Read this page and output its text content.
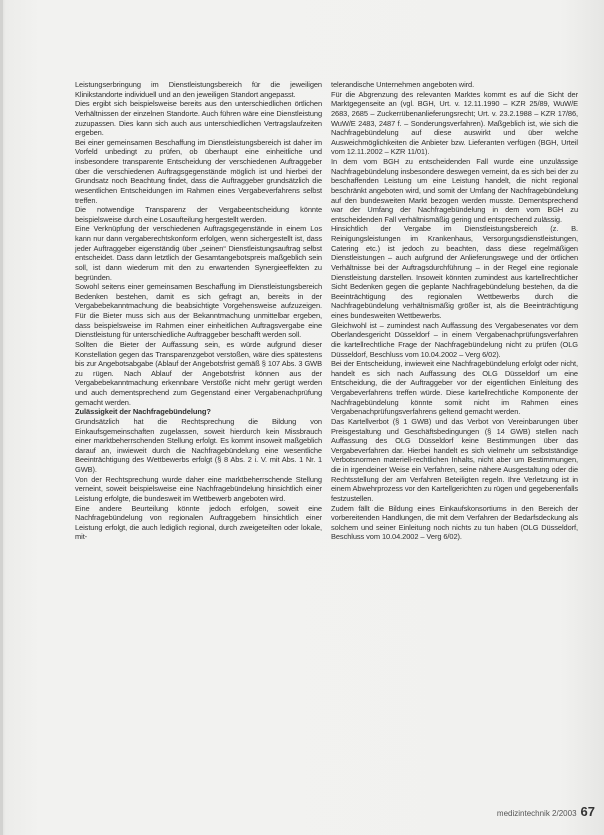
Leistungserbringung im Dienstleistungsbereich für die jeweiligen Klinikstandorte individuell und an den jeweiligen Standort angepasst.

Dies ergibt sich beispielsweise bereits aus den unterschiedlichen örtlichen Verhältnissen der einzelnen Standorte. Auch führen wäre eine Dienstleistung zuzupassen. Dies kann sich auch aus unterschiedlichen Vertragslaufzeiten ergeben.

Bei einer gemeinsamen Beschaffung im Dienstleistungsbereich ist daher im Vorfeld unbedingt zu prüfen, ob überhaupt eine einheitliche und insbesondere transparente Entscheidung der verschiedenen Auftraggeber über die verschiedenen Auftragsgegenstände möglich ist und hierbei der Grundsatz noch Beachtung findet, dass die Auftraggeber grundsätzlich die wesentlichen Entscheidungen im Rahmen eines Vergabeverfahrens selbst treffen.

Die notwendige Transparenz der Vergabeentscheidung könnte beispielsweise durch eine Losaufteilung hergestellt werden.

Eine Verknüpfung der verschiedenen Auftragsgegenstände in einem Los kann nur dann vergaberechtskonform erfolgen, wenn sichergestellt ist, dass jeder Auftraggeber eigenständig über „seinen“ Dienstleistungsauftrag selbst entscheidet. Dass dann letztlich der Gesamtangebotspreis maßgeblich sein soll, ist dann wiederum mit den zu erwartenden Synergieeffekten zu begründen.

Sowohl seitens einer gemeinsamen Beschaffung im Dienstleistungsbereich Bedenken bestehen, damit es sich gefragt an, bereits in der Vergabebekanntmachung die beabsichtigte Vorgehensweise aufzuzeigen. Für die Bieter muss sich aus der Bekanntmachung unmittelbar ergeben, dass beispielsweise im Rahmen einer einheitlichen Auftragsvergabe eine Dienstleistung für unterschiedliche Auftraggeber beschafft werden soll.

Sollten die Bieter der Auffassung sein, es würde aufgrund dieser Konstellation gegen das Transparenzgebot verstoßen, wäre dies spätestens bis zur Angebotsabgabe (Ablauf der Angebotsfrist gemäß § 107 Abs. 3 GWB zu rügen. Nach Ablauf der Angebotsfrist können aus der Vergabebekanntmachung erkennbare Verstöße nicht mehr gerügt werden und auch dementsprechend zum Gegenstand einer Vergabenachprüfung gemacht werden.

Zulässigkeit der Nachfragebündelung?

Grundsätzlich hat die Rechtsprechung die Bildung von Einkaufsgemeinschaften zugelassen, soweit hierdurch kein Missbrauch einer marktbeherrschenden Stellung erfolgt. Es kommt insoweit maßgeblich darauf an, inwieweit durch die Nachfragebündelung eine wesentliche Beeinträchtigung des Wettbewerbs erfolgt (§ 8 Abs. 2 i. V. mit Abs. 1 Nr. 1 GWB).

Von der Rechtsprechung wurde daher eine marktbeherrschende Stellung verneint, soweit beispielsweise eine Nachfragebündelung hinsichtlich einer Leistung erfolgte, die bundesweit im Wettbewerb angeboten wird.

Eine andere Beurteilung könnte jedoch erfolgen, soweit eine Nachfragebündelung von regionalen Auftraggebern hinsichtlich einer Leistung erfolgt, die auch lediglich regional, durch zweigeteilten oder lokale, mit-

telerandische Unternehmen angeboten wird.

Für die Abgrenzung des relevanten Marktes kommt es auf die Sicht der Marktgegenseite an (vgl. BGH, Urt. v. 12.11.1990 – KZR 25/89, WuW/E 2683, 2685 – Zuckerrübenanlieferungsrecht; Urt. v. 23.2.1988 – KZR 17/86, WuW/E 2483, 2487 f. – Sonderungsverfahren). Maßgeblich ist, wie sich die Nachfragebündelung auf diese auswirkt und über welche Ausweichmöglichkeiten die Anbieter bzw. Lieferanten verfügen (BGH, Urteil vom 12.11.2002 – KZR 11/01).

In dem vom BGH zu entscheidenden Fall wurde eine unzulässige Nachfragebündelung insbesondere deswegen verneint, da es sich bei der zu beschaffenden Leistung um eine Leistung handelt, die nicht regional beschränkt angeboten wird, und somit der Umfang der Nachfragebündelung auf den bundesweiten Markt bezogen werden musste. Dementsprechend war der Umfang der Nachfragebündelung in dem vom BGH zu entscheidenden Fall verhältnismäßig gering und entsprechend zulässig.

Hinsichtlich der Vergabe im Dienstleistungsbereich (z. B. Reinigungsleistungen im Krankenhaus, Versorgungsdienstleistungen, Catering etc.) ist jedoch zu beachten, dass diese regelmäßigen Dienstleistungen – auch aufgrund der Anlieferungswege und der örtlichen Verhältnisse bei der Auftragsdurchführung – in der Regel eine regionale Dienstleistung darstellen. Insoweit könnten zumindest aus kartellrechtlicher Sicht Bedenken gegen die geplante Nachfragebündelung bestehen, da die Beeinträchtigung des regionalen Wettbewerbs durch die Nachfragebündelung verhältnismäßig größer ist, als die Beeinträchtigung eines bundesweiten Wettbewerbs.

Gleichwohl ist – zumindest nach Auffassung des Vergabesenates vor dem Oberlandesgericht Düsseldorf – in einem Vergabenachprüfungsverfahren die kartellrechtliche Frage der Nachfragebündelung nicht zu prüfen (OLG Düsseldorf, Beschluss vom 10.04.2002 – Verg 6/02).

Bei der Entscheidung, inwieweit eine Nachfragebündelung erfolgt oder nicht, handelt es sich nach Auffassung des OLG Düsseldorf um eine Entscheidung, die der Auftraggeber vor der eigentlichen Einleitung des Vergabeverfahrens treffen würde. Diese kartellrechtliche Komponente der Nachfragebündelung könnte somit nicht im Rahmen eines Vergabenachprüfungsverfahrens geltend gemacht werden.

Das Kartellverbot (§ 1 GWB) und das Verbot von Vereinbarungen über Preisgestaltung und Geschäftsbedingungen (§ 14 GWB) stellen nach Auffassung des OLG Düsseldorf keine Bestimmungen über das Vergabeverfahren dar. Hierbei handelt es sich vielmehr um selbstständige Verbotsnormen materiell-rechtlichen Inhalts, nicht aber um Bestimmungen, die in irgendeiner Weise ein Verfahren, seine nähere Ausgestaltung oder die Rechtsstellung der am Verfahren Beteiligten regeln. Ihre Verletzung ist in einem Abwehrprozess vor den Kartellgerichten zu rügen und gegebenenfalls festzustellen.

Zudem fällt die Bildung eines Einkaufskonsortiums in den Bereich der vorbereitenden Handlungen, die mit dem Verfahren der Bedarfsdeckung als solchem und seiner Einleitung noch nichts zu tun haben (OLG Düsseldorf, Beschluss vom 10.04.2002 – Verg 6/02).

medizintechnik 2/2003 67
